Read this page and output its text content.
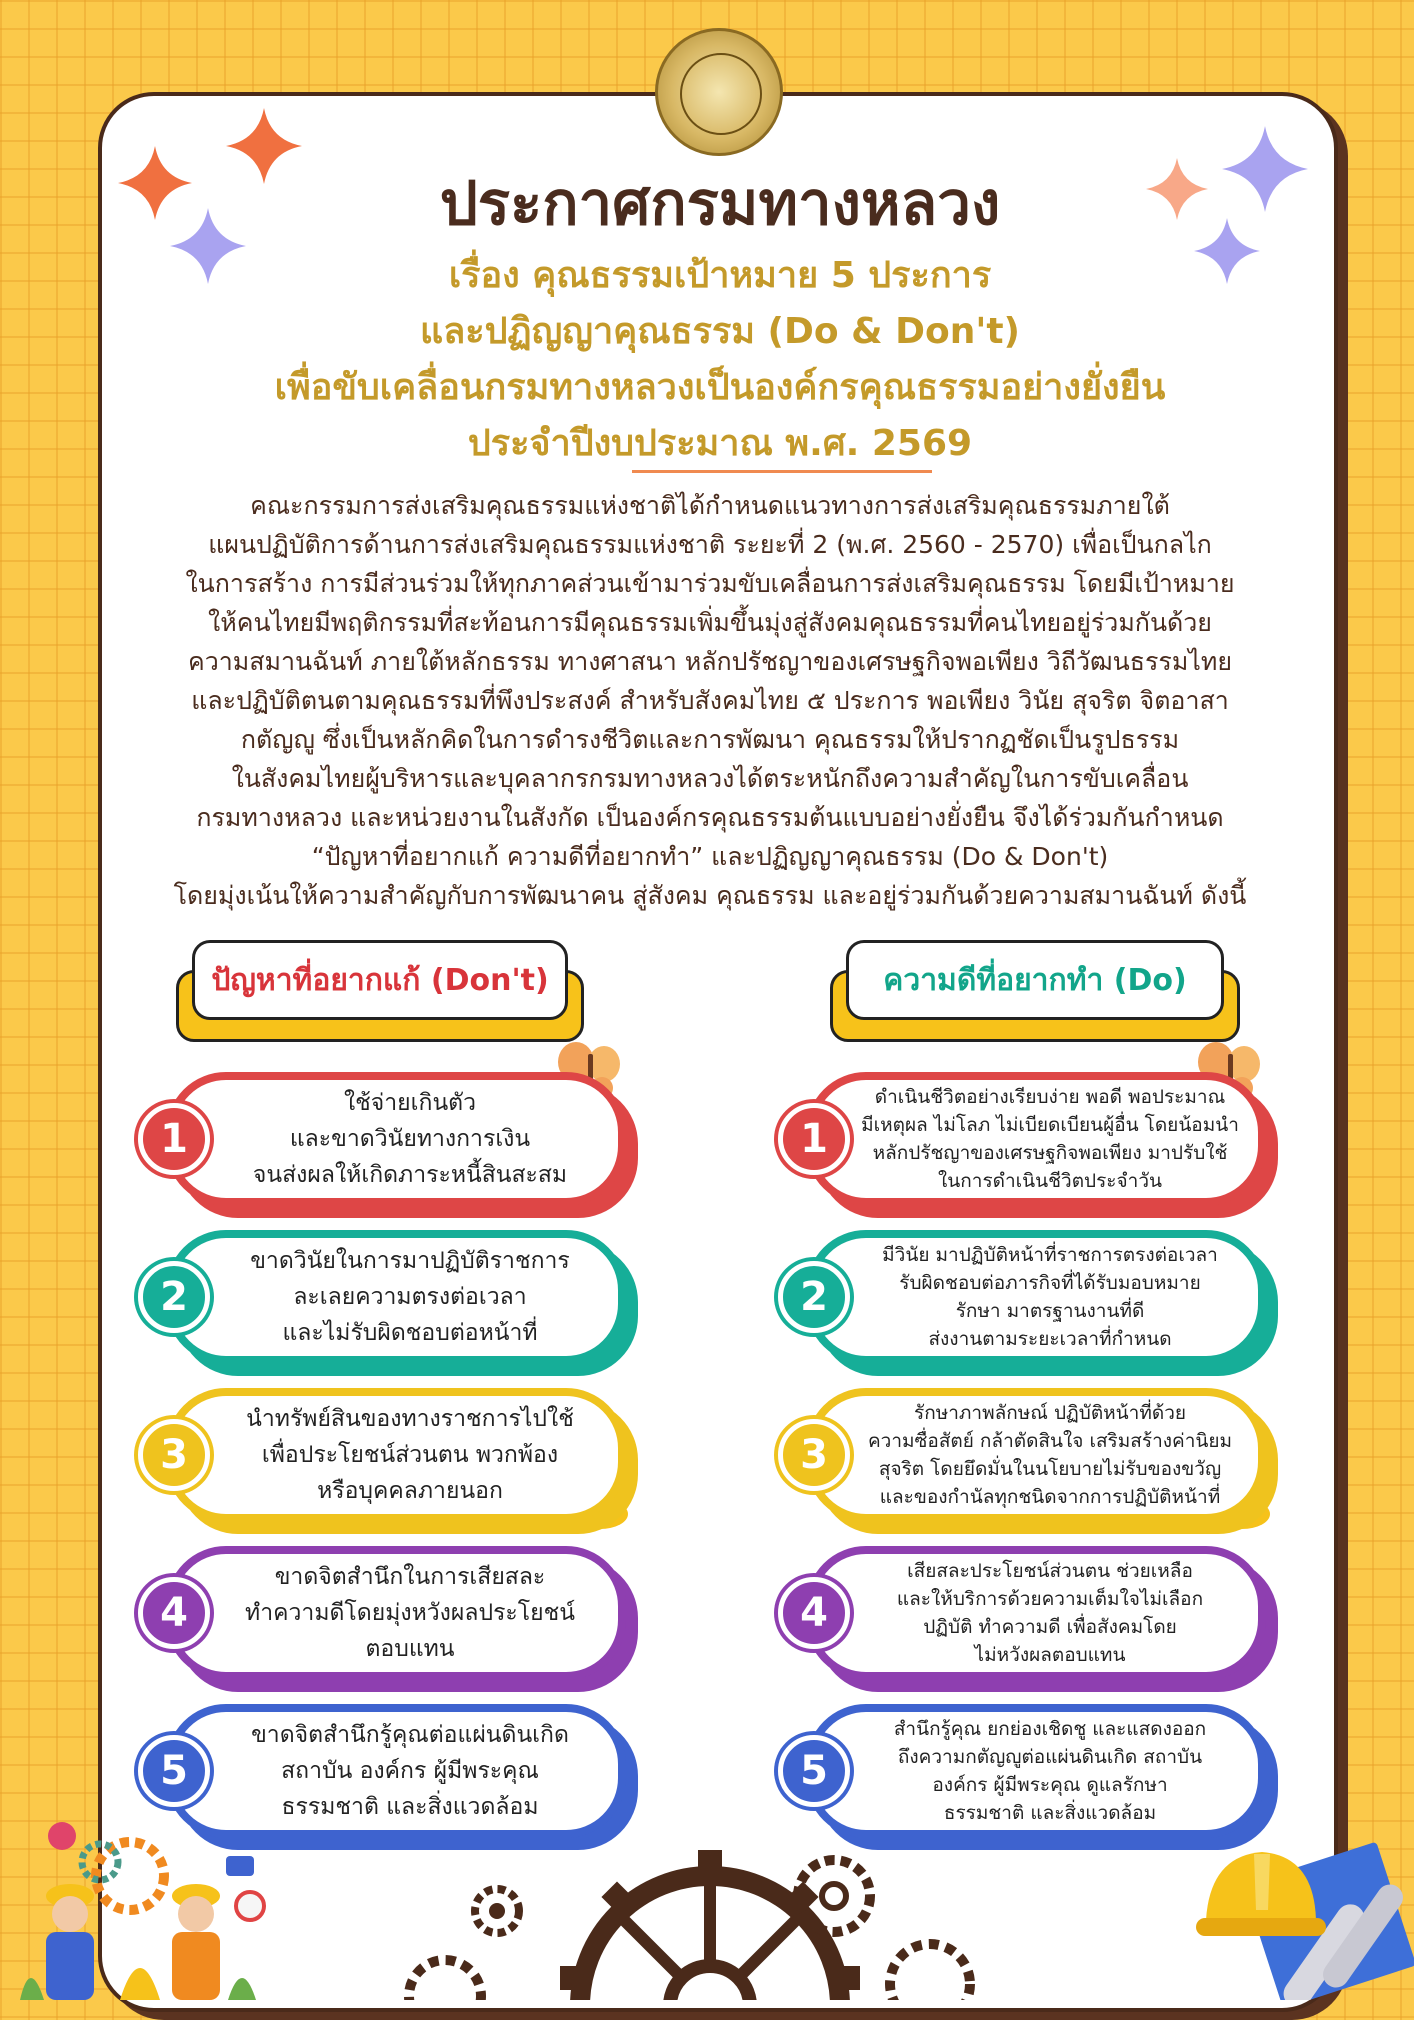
ประกาศกรมทางหลวง
เรื่อง คุณธรรมเป้าหมาย 5 ประการ
และปฏิญญาคุณธรรม (Do & Don't)
เพื่อขับเคลื่อนกรมทางหลวงเป็นองค์กรคุณธรรมอย่างยั่งยืน
ประจำปีงบประมาณ พ.ศ. 2569

คณะกรรมการส่งเสริมคุณธรรมแห่งชาติได้กำหนดแนวทางการส่งเสริมคุณธรรมภายใต้

แผนปฏิบัติการด้านการส่งเสริมคุณธรรมแห่งชาติ ระยะที่ 2 (พ.ศ. 2560 - 2570) เพื่อเป็นกลไก

ในการสร้าง การมีส่วนร่วมให้ทุกภาคส่วนเข้ามาร่วมขับเคลื่อนการส่งเสริมคุณธรรม โดยมีเป้าหมาย

ให้คนไทยมีพฤติกรรมที่สะท้อนการมีคุณธรรมเพิ่มขึ้นมุ่งสู่สังคมคุณธรรมที่คนไทยอยู่ร่วมกันด้วย

ความสมานฉันท์ ภายใต้หลักธรรม ทางศาสนา หลักปรัชญาของเศรษฐกิจพอเพียง วิถีวัฒนธรรมไทย

และปฏิบัติตนตามคุณธรรมที่พึงประสงค์ สำหรับสังคมไทย ๕ ประการ พอเพียง วินัย สุจริต จิตอาสา

กตัญญู ซึ่งเป็นหลักคิดในการดำรงชีวิตและการพัฒนา คุณธรรมให้ปรากฏชัดเป็นรูปธรรม

ในสังคมไทยผู้บริหารและบุคลากรกรมทางหลวงได้ตระหนักถึงความสำคัญในการขับเคลื่อน

กรมทางหลวง และหน่วยงานในสังกัด เป็นองค์กรคุณธรรมต้นแบบอย่างยั่งยืน จึงได้ร่วมกันกำหนด

“ปัญหาที่อยากแก้ ความดีที่อยากทำ” และปฏิญญาคุณธรรม (Do & Don't)

โดยมุ่งเน้นให้ความสำคัญกับการพัฒนาคน สู่สังคม คุณธรรม และอยู่ร่วมกันด้วยความสมานฉันท์ ดังนี้

ปัญหาที่อยากแก้ (Don't)	ความดีที่อยากทำ (Do)
1
ใช้จ่ายเกินตัว
และขาดวินัยทางการเงิน
จนส่งผลให้เกิดภาระหนี้สินสะสม
2
ขาดวินัยในการมาปฏิบัติราชการ
ละเลยความตรงต่อเวลา
และไม่รับผิดชอบต่อหน้าที่
3
นำทรัพย์สินของทางราชการไปใช้
เพื่อประโยชน์ส่วนตน พวกพ้อง
หรือบุคคลภายนอก
4
ขาดจิตสำนึกในการเสียสละ
ทำความดีโดยมุ่งหวังผลประโยชน์
ตอบแทน
5
ขาดจิตสำนึกรู้คุณต่อแผ่นดินเกิด
สถาบัน องค์กร ผู้มีพระคุณ
ธรรมชาติ และสิ่งแวดล้อม
1
ดำเนินชีวิตอย่างเรียบง่าย พอดี พอประมาณ
มีเหตุผล ไม่โลภ ไม่เบียดเบียนผู้อื่น โดยน้อมนำ
หลักปรัชญาของเศรษฐกิจพอเพียง มาปรับใช้
ในการดำเนินชีวิตประจำวัน
2
มีวินัย มาปฏิบัติหน้าที่ราชการตรงต่อเวลา
รับผิดชอบต่อภารกิจที่ได้รับมอบหมาย
รักษา มาตรฐานงานที่ดี
ส่งงานตามระยะเวลาที่กำหนด
3
รักษาภาพลักษณ์ ปฏิบัติหน้าที่ด้วย
ความซื่อสัตย์ กล้าตัดสินใจ เสริมสร้างค่านิยม
สุจริต โดยยึดมั่นในนโยบายไม่รับของขวัญ
และของกำนัลทุกชนิดจากการปฏิบัติหน้าที่
4
เสียสละประโยชน์ส่วนตน ช่วยเหลือ
และให้บริการด้วยความเต็มใจไม่เลือก
ปฏิบัติ ทำความดี เพื่อสังคมโดย
ไม่หวังผลตอบแทน
5
สำนึกรู้คุณ ยกย่องเชิดชู และแสดงออก
ถึงความกตัญญูต่อแผ่นดินเกิด สถาบัน
องค์กร ผู้มีพระคุณ ดูแลรักษา
ธรรมชาติ และสิ่งแวดล้อม
